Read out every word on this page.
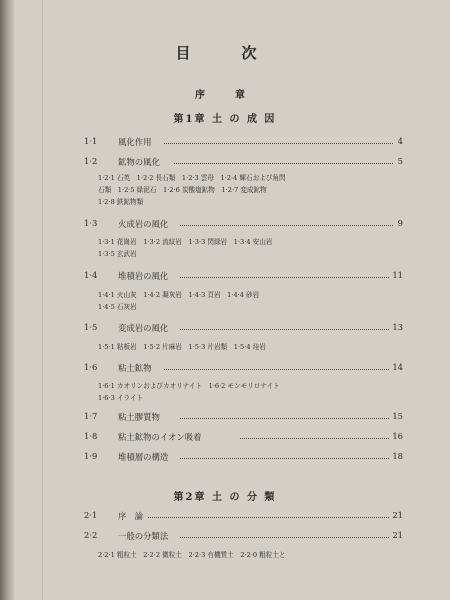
目　次
序　章
第1章 土 の 成 因
1·1 風化作用	4
1·2 鉱物の風化	5
1·2·1 石英　1·2·2 長石類　1·2·3 雲母　1·2·4 輝石および角閃
石類　1·2·5 緑泥石　1·2·6 炭酸塩鉱物　1·2·7 変成鉱物
1·2·8 鉄鉱物類
1·3 火成岩の風化	9
1·3·1 花崗岩　1·3·2 流紋岩　1·3·3 閃緑岩　1·3·4 安山岩
1·3·5 玄武岩
1·4 堆積岩の風化	11
1·4·1 火山灰　1·4·2 凝灰岩　1·4·3 頁岩　1·4·4 砂岩
1·4·5 石灰岩
1·5 変成岩の風化	13
1·5·1 粘板岩　1·5·2 片麻岩　1·5·3 片岩類　1·5·4 珪岩
1·6 粘土鉱物	14
1·6·1 カオリンおよびカオリナイト　1·6·2 モンモリロナイト
1·6·3 イライト
1·7 粘土膠質物	15
1·8 粘土鉱物のイオン吸着	16
1·9 堆積層の構造	18
第2章 土 の 分 類
2·1 序　論	21
2·2 一般の分類法	21
2·2·1 粗粒土　2·2·2 微粒土　2·2·3 有機質土　2·2·0 粗粒土と
